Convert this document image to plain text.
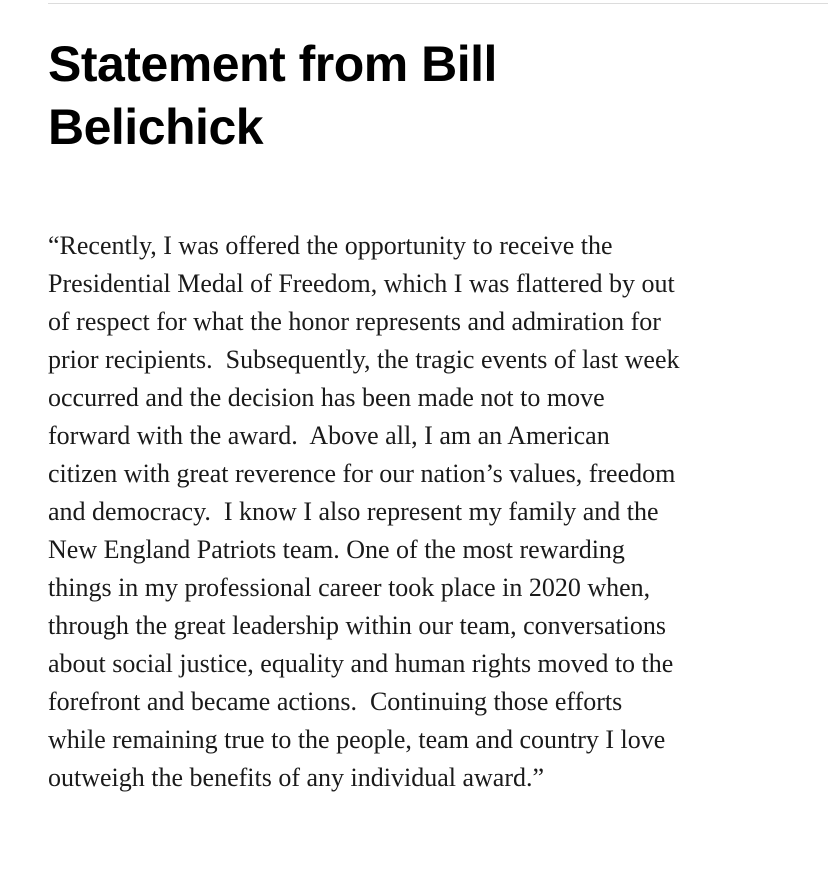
Statement from Bill
Belichick
“Recently, I was offered the opportunity to receive the
Presidential Medal of Freedom, which I was flattered by out
of respect for what the honor represents and admiration for
prior recipients.  Subsequently, the tragic events of last week
occurred and the decision has been made not to move
forward with the award.  Above all, I am an American
citizen with great reverence for our nation’s values, freedom
and democracy.  I know I also represent my family and the
New England Patriots team. One of the most rewarding
things in my professional career took place in 2020 when,
through the great leadership within our team, conversations
about social justice, equality and human rights moved to the
forefront and became actions.  Continuing those efforts
while remaining true to the people, team and country I love
outweigh the benefits of any individual award.”
